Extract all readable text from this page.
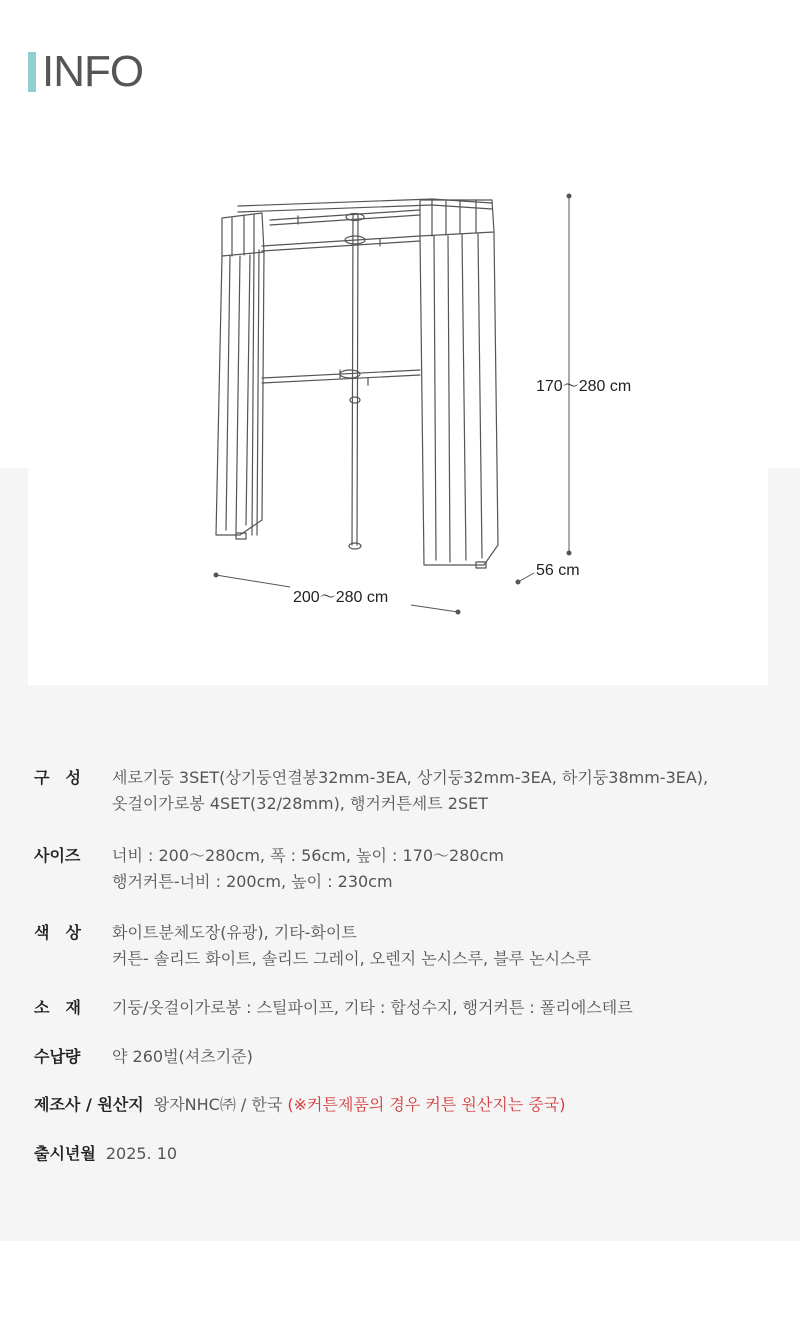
INFO
170～280 cm
56 cm
200～280 cm
구　성	세로기둥 3SET(상기둥연결봉32mm-3EA, 상기둥32mm-3EA, 하기둥38mm-3EA),
옷걸이가로봉 4SET(32/28mm), 행거커튼세트 2SET
사이즈	너비 : 200～280cm, 폭 : 56cm, 높이 : 170～280cm
행거커튼-너비 : 200cm, 높이 : 230cm
색　상	화이트분체도장(유광), 기타-화이트
커튼- 솔리드 화이트, 솔리드 그레이, 오렌지 논시스루, 블루 논시스루
소　재	기둥/옷걸이가로봉 : 스틸파이프, 기타 : 합성수지, 행거커튼 : 폴리에스테르
수납량	약 260벌(셔츠기준)
제조사 / 원산지 왕자NHC㈜ / 한국 (※커튼제품의 경우 커튼 원산지는 중국)
출시년월 2025. 10
